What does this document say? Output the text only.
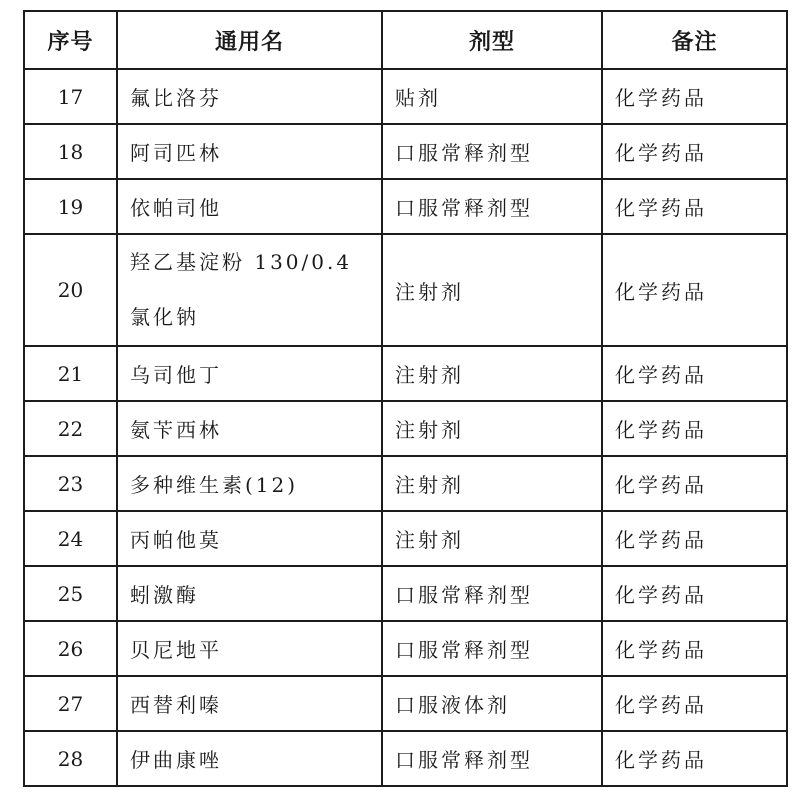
序号	通用名	剂型	备注
17	氟比洛芬	贴剂	化学药品
18	阿司匹林	口服常释剂型	化学药品
19	依帕司他	口服常释剂型	化学药品
20	羟乙基淀粉 130/0.4 氯化钠	注射剂	化学药品
21	乌司他丁	注射剂	化学药品
22	氨苄西林	注射剂	化学药品
23	多种维生素(12)	注射剂	化学药品
24	丙帕他莫	注射剂	化学药品
25	蚓激酶	口服常释剂型	化学药品
26	贝尼地平	口服常释剂型	化学药品
27	西替利嗪	口服液体剂	化学药品
28	伊曲康唑	口服常释剂型	化学药品
